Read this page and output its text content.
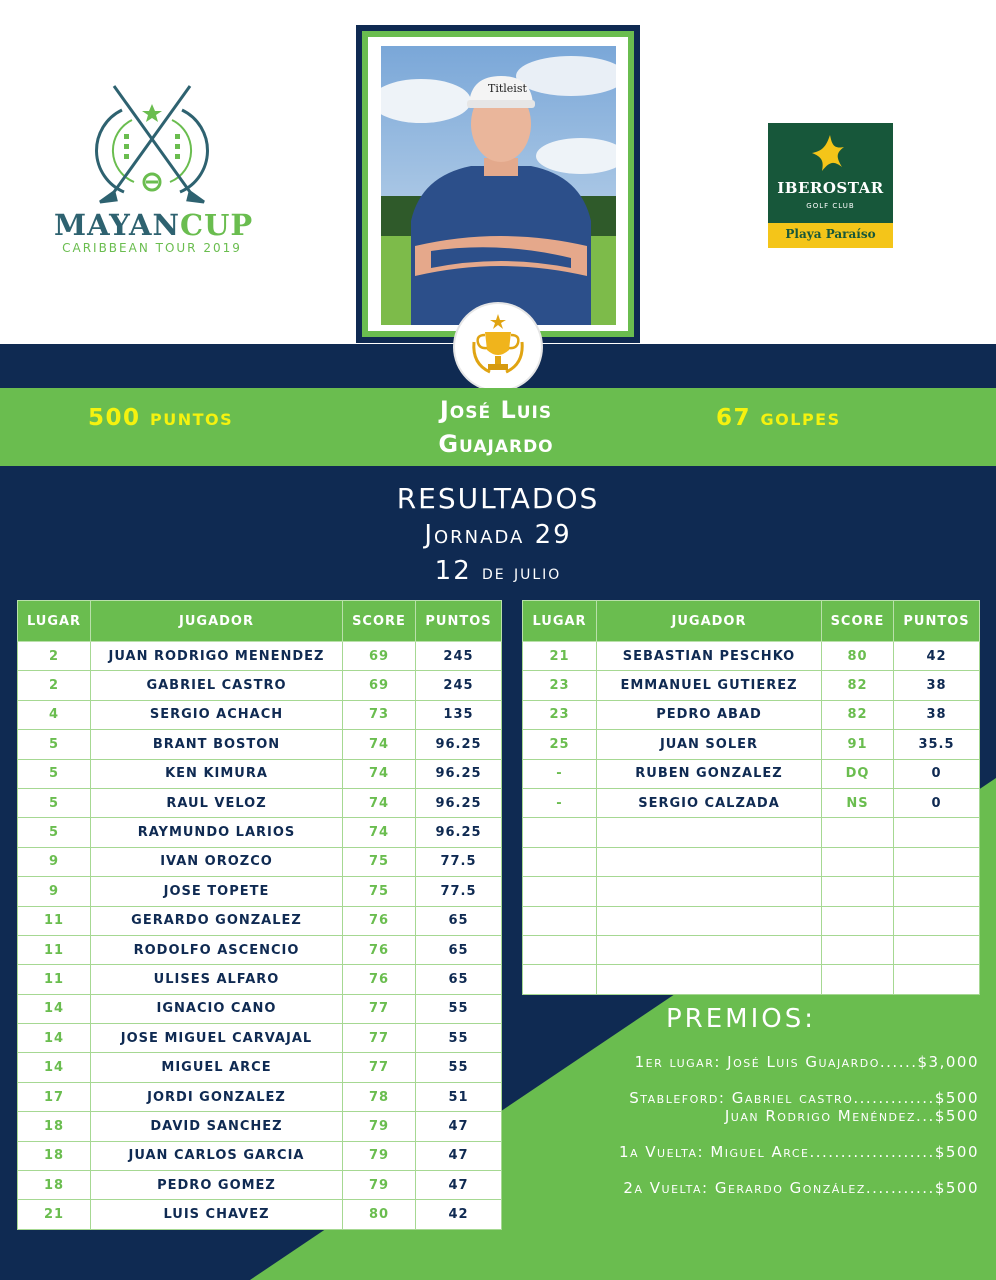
MAYANCUP
CARIBBEAN TOUR 2019
IBEROSTAR
GOLF CLUB
Playa Paraíso
Titleist
500 puntos	José Luis
Guajardo
67 golpes
RESULTADOS
Jornada 29
12 de julio
LUGAR	JUGADOR	SCORE	PUNTOS
2	JUAN RODRIGO MENENDEZ	69	245
2	GABRIEL CASTRO	69	245
4	SERGIO ACHACH	73	135
5	BRANT BOSTON	74	96.25
5	KEN KIMURA	74	96.25
5	RAUL VELOZ	74	96.25
5	RAYMUNDO LARIOS	74	96.25
9	IVAN OROZCO	75	77.5
9	JOSE TOPETE	75	77.5
11	GERARDO GONZALEZ	76	65
11	RODOLFO ASCENCIO	76	65
11	ULISES ALFARO	76	65
14	IGNACIO CANO	77	55
14	JOSE MIGUEL CARVAJAL	77	55
14	MIGUEL ARCE	77	55
17	JORDI GONZALEZ	78	51
18	DAVID SANCHEZ	79	47
18	JUAN CARLOS GARCIA	79	47
18	PEDRO GOMEZ	79	47
21	LUIS CHAVEZ	80	42
LUGAR	JUGADOR	SCORE	PUNTOS
21	SEBASTIAN PESCHKO	80	42
23	EMMANUEL GUTIEREZ	82	38
23	PEDRO ABAD	82	38
25	JUAN SOLER	91	35.5
-	RUBEN GONZALEZ	DQ	0
-	SERGIO CALZADA	NS	0

PREMIOS:
1er lugar: José Luis Guajardo......$3,000
Stableford: Gabriel castro.............$500
Juan Rodrigo Menéndez...$500
1a Vuelta: Miguel Arce....................$500
2a Vuelta: Gerardo González...........$500
